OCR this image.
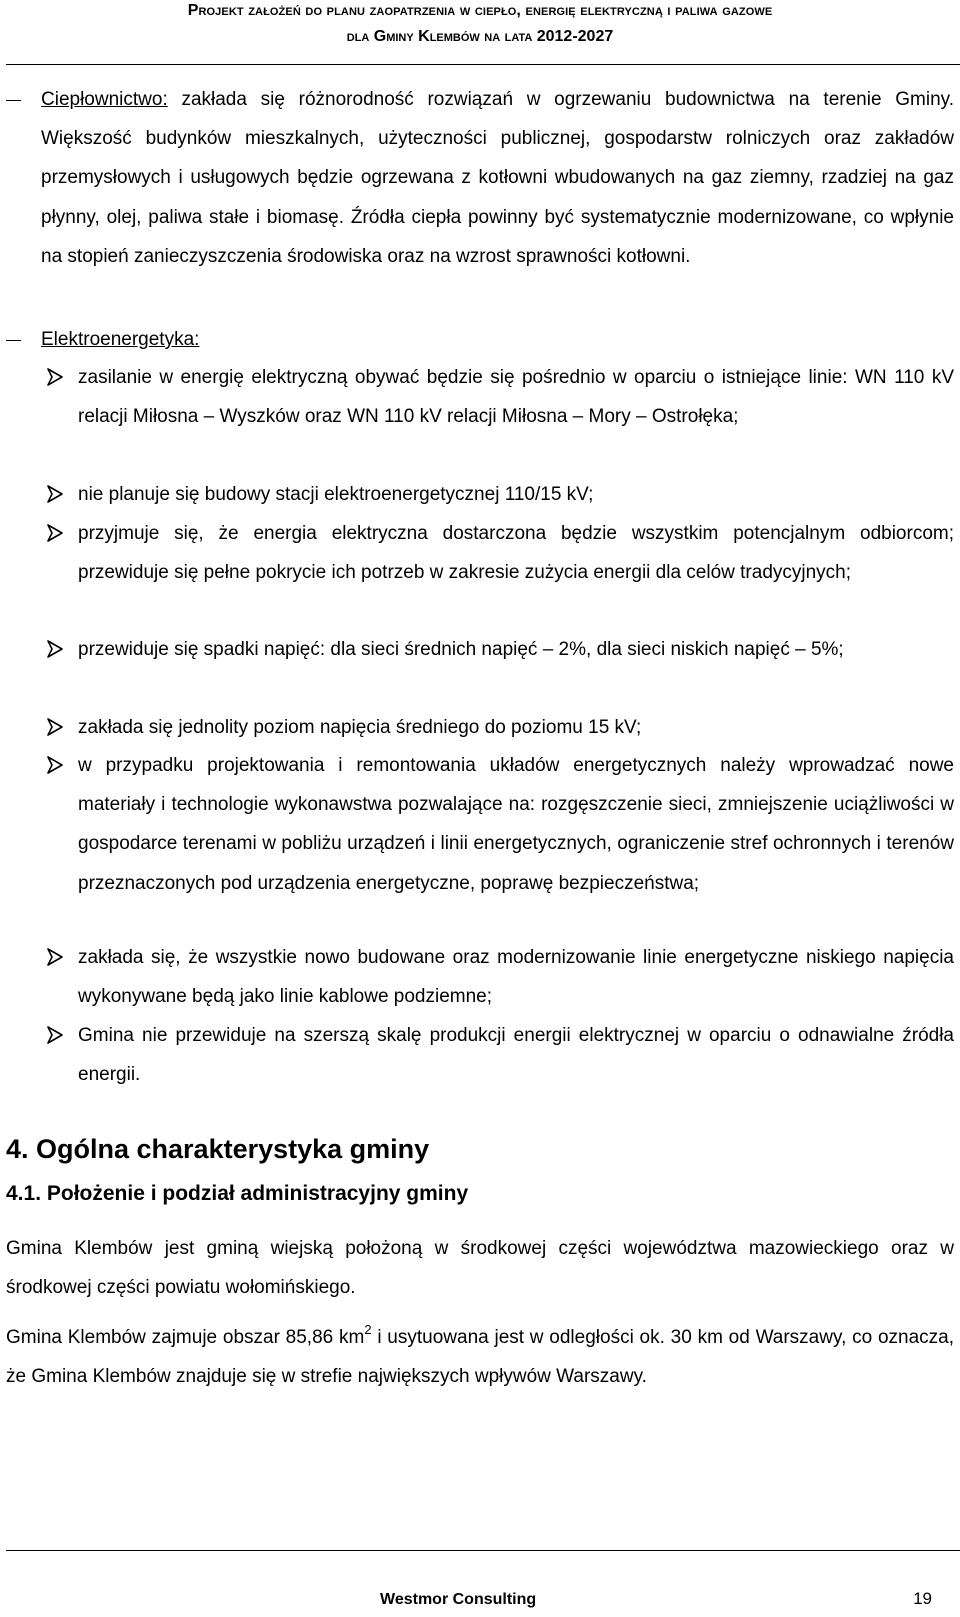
Projekt założeń do planu zaopatrzenia w ciepło, energię elektryczną i paliwa gazowe
dla Gminy Klembów na lata 2012-2027
Ciepłownictwo: zakłada się różnorodność rozwiązań w ogrzewaniu budownictwa na terenie Gminy. Większość budynków mieszkalnych, użyteczności publicznej, gospodarstw rolniczych oraz zakładów przemysłowych i usługowych będzie ogrzewana z kotłowni wbudowanych na gaz ziemny, rzadziej na gaz płynny, olej, paliwa stałe i biomasę. Źródła ciepła powinny być systematycznie modernizowane, co wpłynie na stopień zanieczyszczenia środowiska oraz na wzrost sprawności kotłowni.
Elektroenergetyka:
zasilanie w energię elektryczną obywać będzie się pośrednio w oparciu o istniejące linie: WN 110 kV relacji Miłosna – Wyszków oraz WN 110 kV relacji Miłosna – Mory – Ostrołęka;
nie planuje się budowy stacji elektroenergetycznej 110/15 kV;
przyjmuje się, że energia elektryczna dostarczona będzie wszystkim potencjalnym odbiorcom; przewiduje się pełne pokrycie ich potrzeb w zakresie zużycia energii dla celów tradycyjnych;
przewiduje się spadki napięć: dla sieci średnich napięć – 2%, dla sieci niskich napięć – 5%;
zakłada się jednolity poziom napięcia średniego do poziomu 15 kV;
w przypadku projektowania i remontowania układów energetycznych należy wprowadzać nowe materiały i technologie wykonawstwa pozwalające na: rozgęszczenie sieci, zmniejszenie uciążliwości w gospodarce terenami w pobliżu urządzeń i linii energetycznych, ograniczenie stref ochronnych i terenów przeznaczonych pod urządzenia energetyczne, poprawę bezpieczeństwa;
zakłada się, że wszystkie nowo budowane oraz modernizowanie linie energetyczne niskiego napięcia wykonywane będą jako linie kablowe podziemne;
Gmina nie przewiduje na szerszą skalę produkcji energii elektrycznej w oparciu o odnawialne źródła energii.
4. Ogólna charakterystyka gminy
4.1. Położenie i podział administracyjny gminy
Gmina Klembów jest gminą wiejską położoną w środkowej części województwa mazowieckiego oraz w środkowej części powiatu wołomińskiego.
Gmina Klembów zajmuje obszar 85,86 $km^2$ i usytuowana jest w odległości ok. 30 km od Warszawy, co oznacza, że Gmina Klembów znajduje się w strefie największych wpływów Warszawy.
Westmor Consulting	19
